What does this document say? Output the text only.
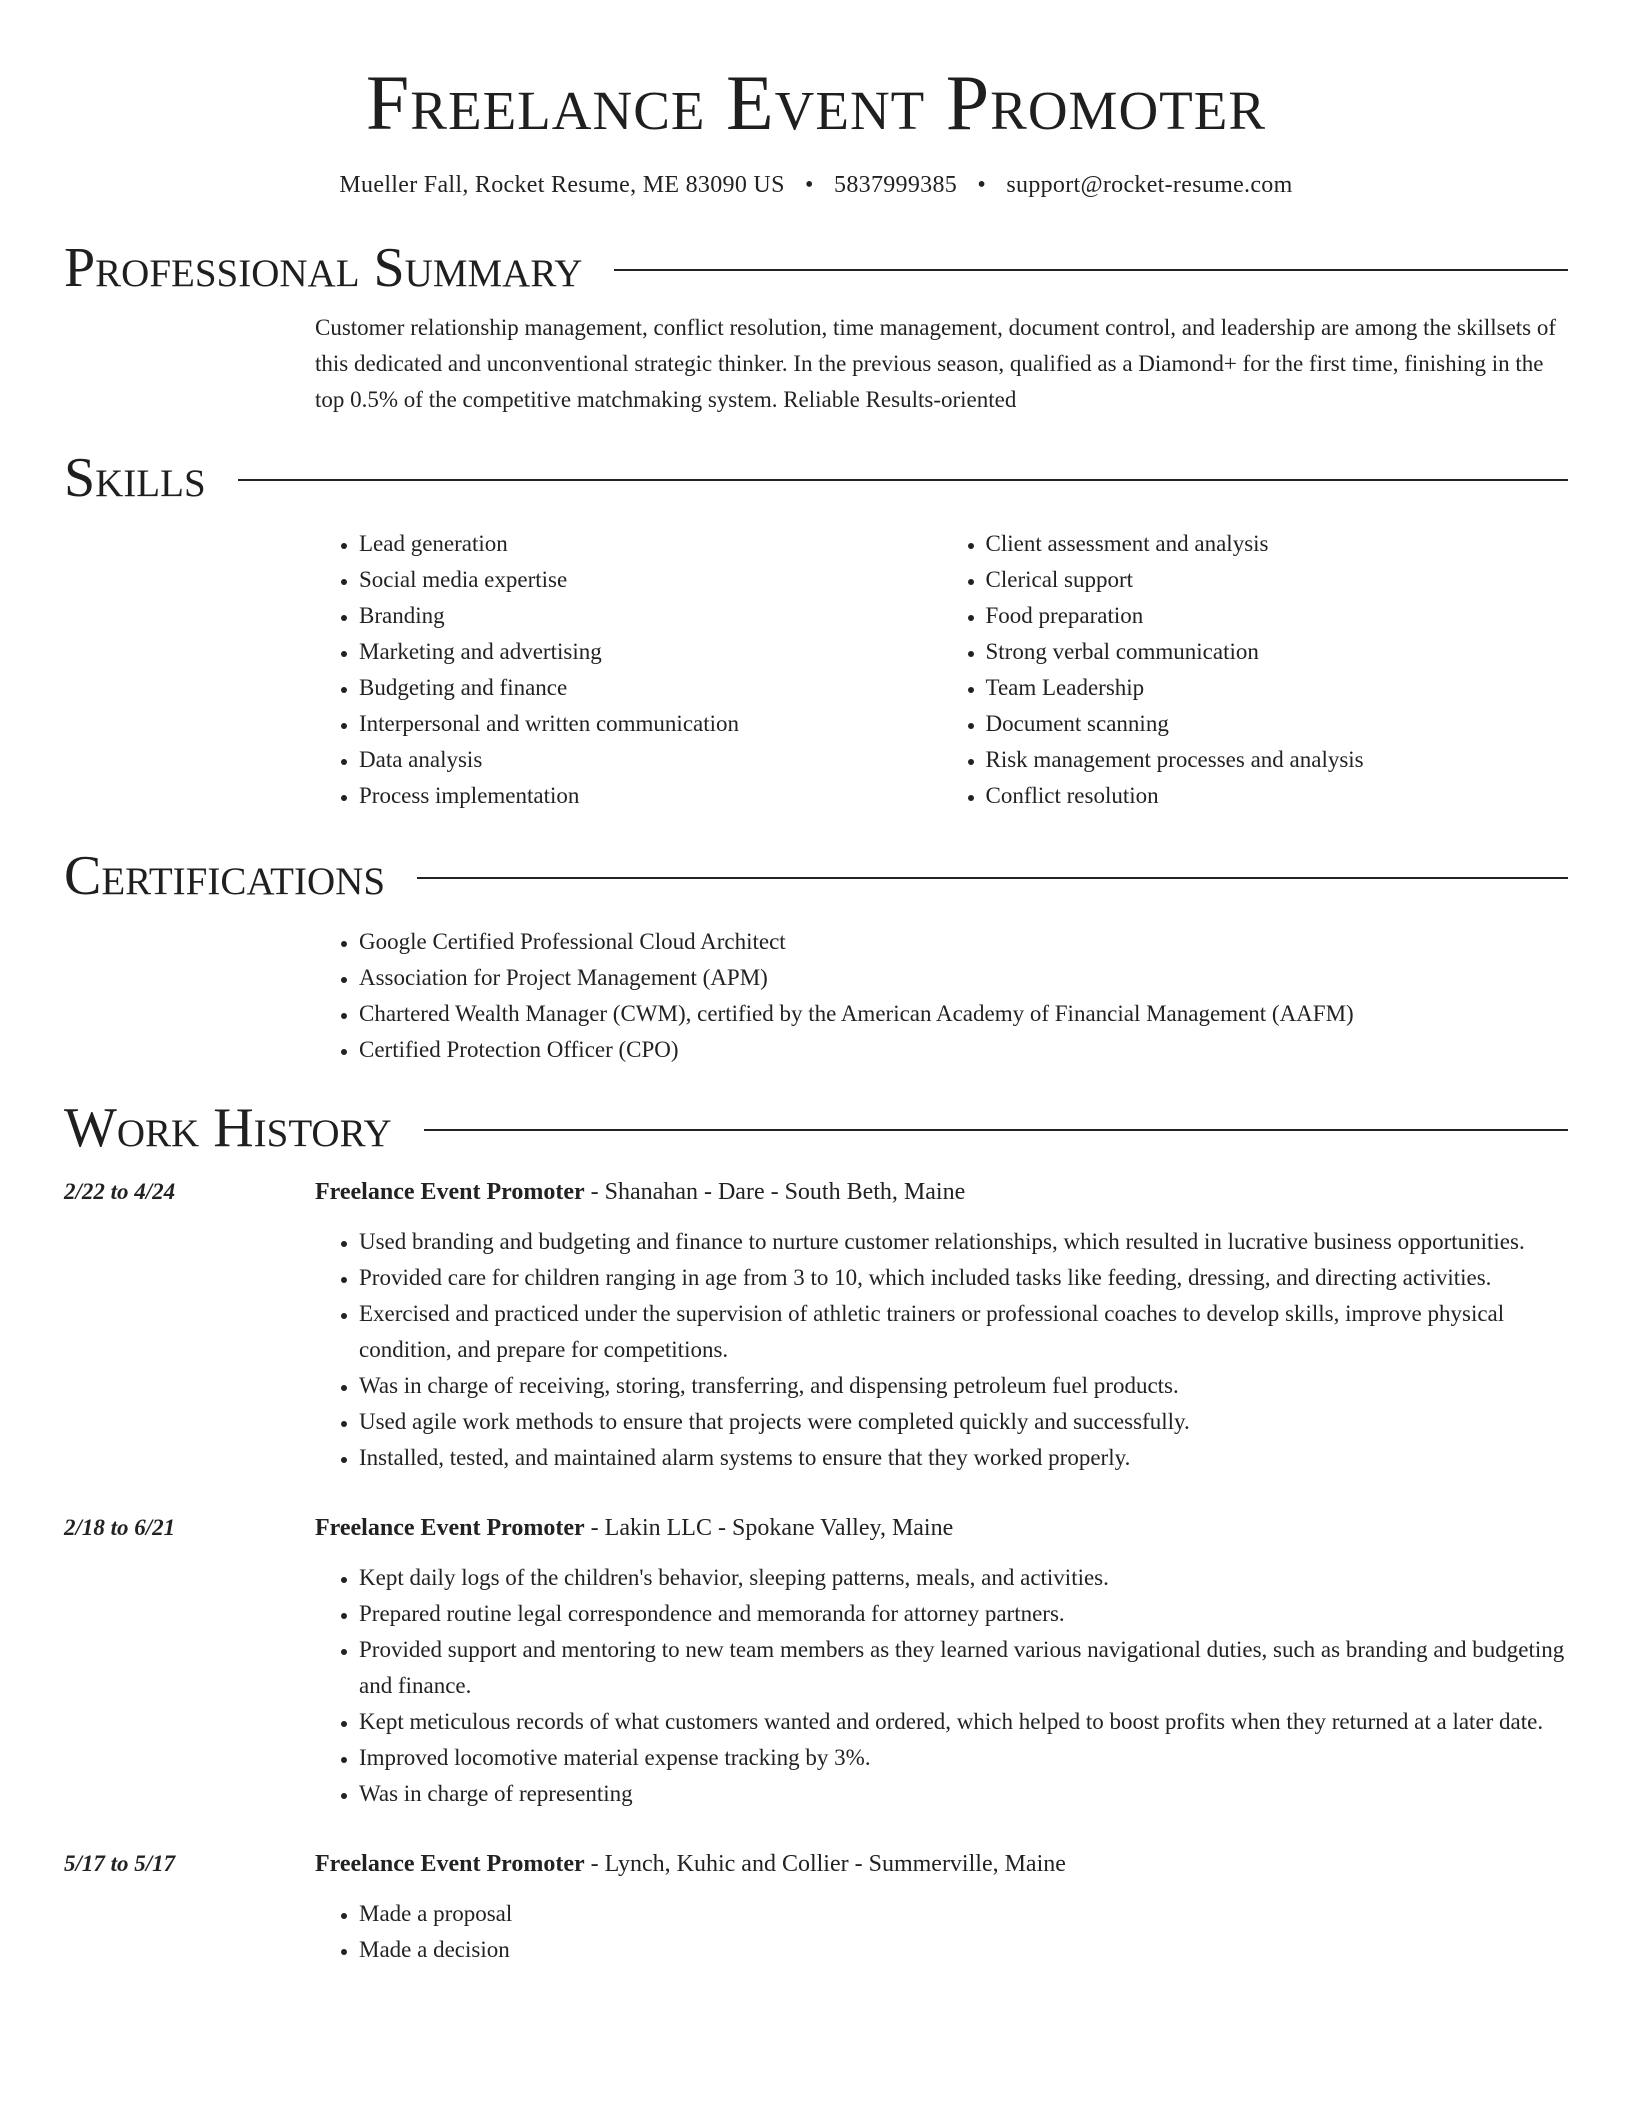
Freelance Event Promoter
Mueller Fall, Rocket Resume, ME 83090 US • 5837999385 • support@rocket-resume.com
Professional Summary

Customer relationship management, conflict resolution, time management, document control, and leadership are among the skillsets of this dedicated and unconventional strategic thinker. In the previous season, qualified as a Diamond+ for the first time, finishing in the top 0.5% of the competitive matchmaking system. Reliable Results-oriented

Skills
• Lead generation
• Social media expertise
• Branding
• Marketing and advertising
• Budgeting and finance
• Interpersonal and written communication
• Data analysis
• Process implementation
• Client assessment and analysis
• Clerical support
• Food preparation
• Strong verbal communication
• Team Leadership
• Document scanning
• Risk management processes and analysis
• Conflict resolution
Certifications
• Google Certified Professional Cloud Architect
• Association for Project Management (APM)
• Chartered Wealth Manager (CWM), certified by the American Academy of Financial Management (AAFM)
• Certified Protection Officer (CPO)
Work History
2/22 to 4/24	Freelance Event Promoter - Shanahan - Dare - South Beth, Maine
• Used branding and budgeting and finance to nurture customer relationships, which resulted in lucrative business opportunities.
• Provided care for children ranging in age from 3 to 10, which included tasks like feeding, dressing, and directing activities.
• Exercised and practiced under the supervision of athletic trainers or professional coaches to develop skills, improve physical condition, and prepare for competitions.
• Was in charge of receiving, storing, transferring, and dispensing petroleum fuel products.
• Used agile work methods to ensure that projects were completed quickly and successfully.
• Installed, tested, and maintained alarm systems to ensure that they worked properly.
2/18 to 6/21	Freelance Event Promoter - Lakin LLC - Spokane Valley, Maine
• Kept daily logs of the children's behavior, sleeping patterns, meals, and activities.
• Prepared routine legal correspondence and memoranda for attorney partners.
• Provided support and mentoring to new team members as they learned various navigational duties, such as branding and budgeting and finance.
• Kept meticulous records of what customers wanted and ordered, which helped to boost profits when they returned at a later date.
• Improved locomotive material expense tracking by 3%.
• Was in charge of representing
5/17 to 5/17	Freelance Event Promoter - Lynch, Kuhic and Collier - Summerville, Maine
• Made a proposal
• Made a decision
